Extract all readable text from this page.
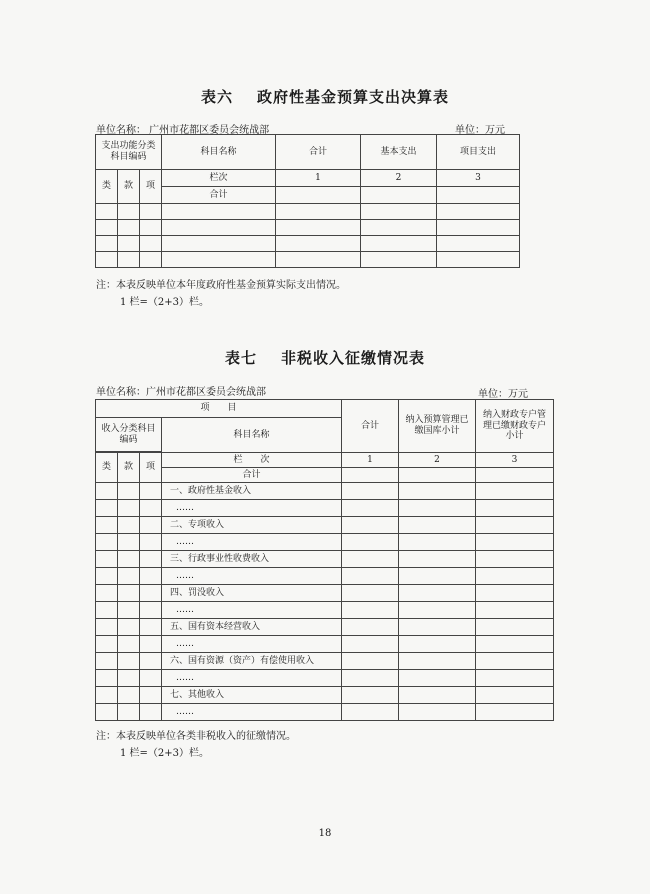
表六 政府性基金预算支出决算表
单位名称： 广州市花都区委员会统战部	单位：万元
支出功能分类科目编码			科目名称	合计	基本支出	项目支出

类	款	项	栏次	1	2	3
			合计			

注：本表反映单位本年度政府性基金预算实际支出情况。
1 栏=（2+3）栏。
表七 非税收入征缴情况表
单位名称：广州市花都区委员会统战部	单位：万元
项　　目				合计	纳入预算管理已缴国库小计	纳入财政专户管理已缴财政专户小计
收入分类科目编码			科目名称			

类	款	项	栏　　次	1	2	3
			合计			
			一、政府性基金收入			
			……			
			二、专项收入			
			……			
			三、行政事业性收费收入			
			……			
			四、罚没收入			
			……			
			五、国有资本经营收入			
			……			
			六、国有资源（资产）有偿使用收入			
			……			
			七、其他收入			
			……			
注：本表反映单位各类非税收入的征缴情况。
1 栏=（2+3）栏。
18
